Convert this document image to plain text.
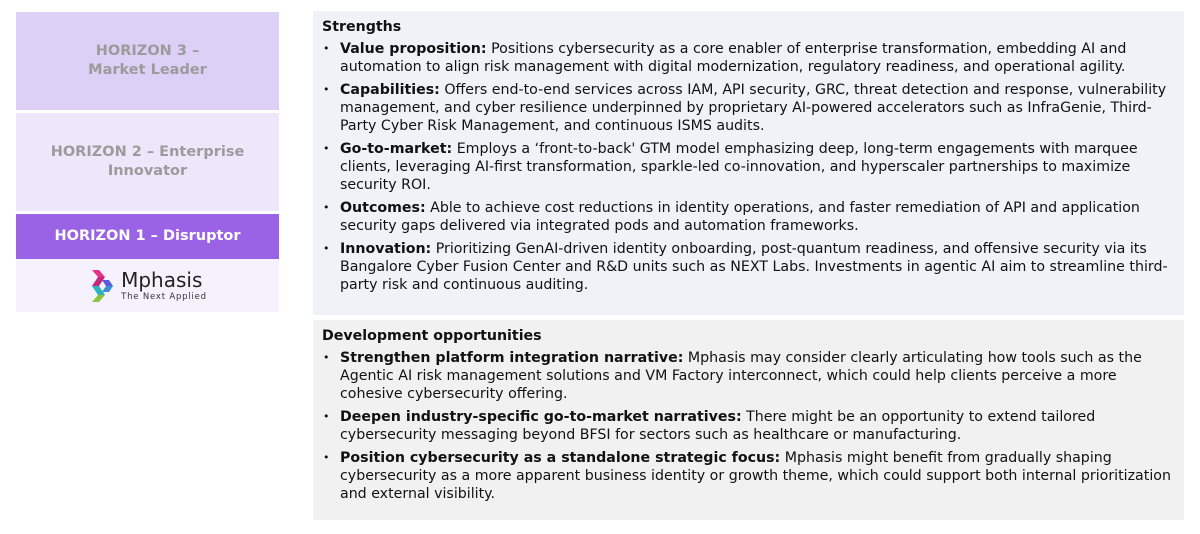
HORIZON 3 –
Market Leader
HORIZON 2 – Enterprise
Innovator
HORIZON 1 – Disruptor
Mphasis
The Next Applied
Strengths
• Value proposition: Positions cybersecurity as a core enabler of enterprise transformation, embedding AI and automation to align risk management with digital modernization, regulatory readiness, and operational agility.
• Capabilities: Offers end-to-end services across IAM, API security, GRC, threat detection and response, vulnerability management, and cyber resilience underpinned by proprietary AI-powered accelerators such as InfraGenie, Third-Party Cyber Risk Management, and continuous ISMS audits.
• Go-to-market: Employs a ‘front-to-back' GTM model emphasizing deep, long-term engagements with marquee clients, leveraging AI-first transformation, sparkle-led co-innovation, and hyperscaler partnerships to maximize security ROI.
• Outcomes: Able to achieve cost reductions in identity operations, and faster remediation of API and application security gaps delivered via integrated pods and automation frameworks.
• Innovation: Prioritizing GenAI-driven identity onboarding, post-quantum readiness, and offensive security via its Bangalore Cyber Fusion Center and R&D units such as NEXT Labs. Investments in agentic AI aim to streamline third-party risk and continuous auditing.
Development opportunities
• Strengthen platform integration narrative: Mphasis may consider clearly articulating how tools such as the Agentic AI risk management solutions and VM Factory interconnect, which could help clients perceive a more cohesive cybersecurity offering.
• Deepen industry-specific go-to-market narratives: There might be an opportunity to extend tailored cybersecurity messaging beyond BFSI for sectors such as healthcare or manufacturing.
• Position cybersecurity as a standalone strategic focus: Mphasis might benefit from gradually shaping cybersecurity as a more apparent business identity or growth theme, which could support both internal prioritization and external visibility.
